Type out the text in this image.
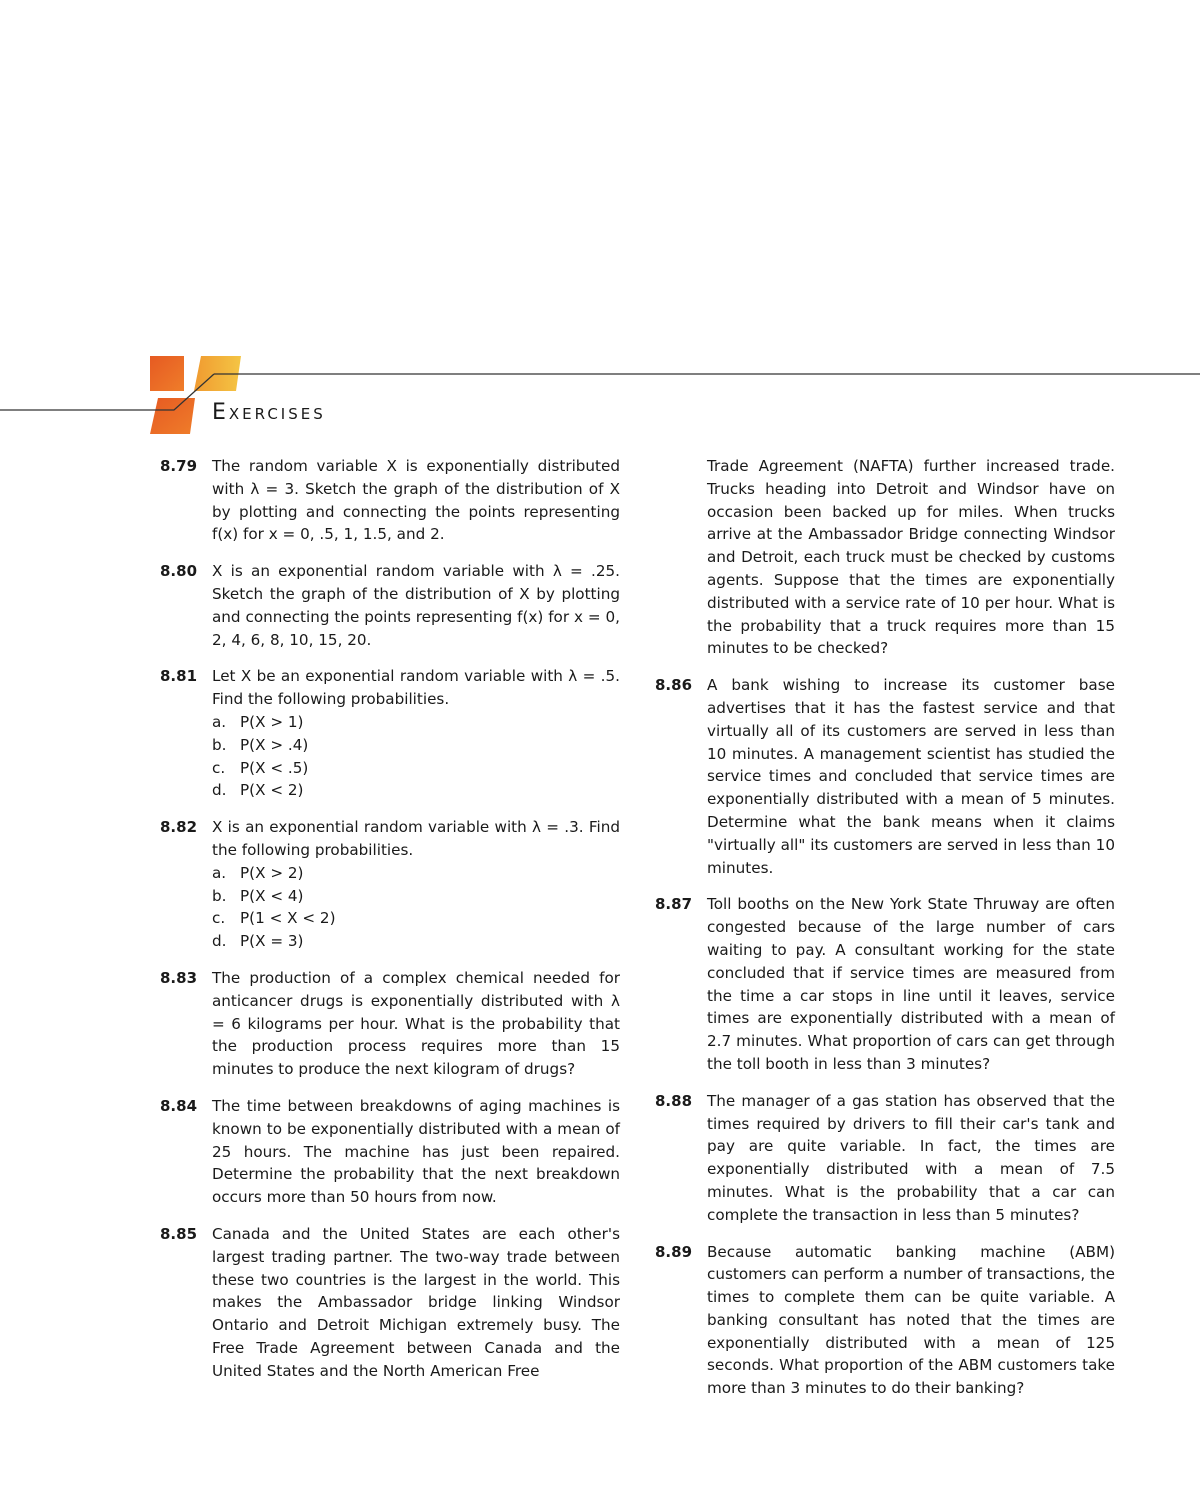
Exercises
8.79 The random variable X is exponentially distributed with λ = 3. Sketch the graph of the distribution of X by plotting and connecting the points representing f(x) for x = 0, .5, 1, 1.5, and 2.
8.80 X is an exponential random variable with λ = .25. Sketch the graph of the distribution of X by plotting and connecting the points representing f(x) for x = 0, 2, 4, 6, 8, 10, 15, 20.
8.81 Let X be an exponential random variable with λ = .5. Find the following probabilities.
a. P(X > 1)
b. P(X > .4)
c. P(X < .5)
d. P(X < 2)
8.82 X is an exponential random variable with λ = .3. Find the following probabilities.
a. P(X > 2)
b. P(X < 4)
c. P(1 < X < 2)
d. P(X = 3)
8.83 The production of a complex chemical needed for anticancer drugs is exponentially distributed with λ = 6 kilograms per hour. What is the probability that the production process requires more than 15 minutes to produce the next kilogram of drugs?
8.84 The time between breakdowns of aging machines is known to be exponentially distributed with a mean of 25 hours. The machine has just been repaired. Determine the probability that the next breakdown occurs more than 50 hours from now.
8.85 Canada and the United States are each other's largest trading partner. The two-way trade between these two countries is the largest in the world. This makes the Ambassador bridge linking Windsor Ontario and Detroit Michigan extremely busy. The Free Trade Agreement between Canada and the United States and the North American Free
Trade Agreement (NAFTA) further increased trade. Trucks heading into Detroit and Windsor have on occasion been backed up for miles. When trucks arrive at the Ambassador Bridge connecting Windsor and Detroit, each truck must be checked by customs agents. Suppose that the times are exponentially distributed with a service rate of 10 per hour. What is the probability that a truck requires more than 15 minutes to be checked?
8.86 A bank wishing to increase its customer base advertises that it has the fastest service and that virtually all of its customers are served in less than 10 minutes. A management scientist has studied the service times and concluded that service times are exponentially distributed with a mean of 5 minutes. Determine what the bank means when it claims "virtually all" its customers are served in less than 10 minutes.
8.87 Toll booths on the New York State Thruway are often congested because of the large number of cars waiting to pay. A consultant working for the state concluded that if service times are measured from the time a car stops in line until it leaves, service times are exponentially distributed with a mean of 2.7 minutes. What proportion of cars can get through the toll booth in less than 3 minutes?
8.88 The manager of a gas station has observed that the times required by drivers to fill their car's tank and pay are quite variable. In fact, the times are exponentially distributed with a mean of 7.5 minutes. What is the probability that a car can complete the transaction in less than 5 minutes?
8.89 Because automatic banking machine (ABM) customers can perform a number of transactions, the times to complete them can be quite variable. A banking consultant has noted that the times are exponentially distributed with a mean of 125 seconds. What proportion of the ABM customers take more than 3 minutes to do their banking?
